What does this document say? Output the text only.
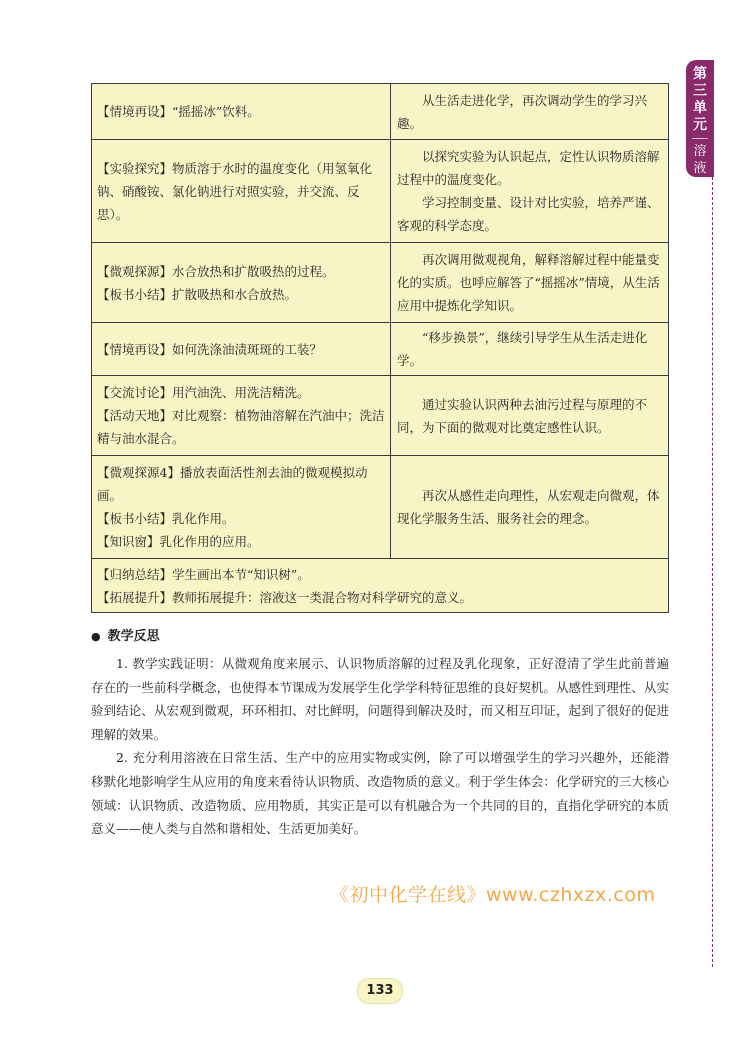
第三单元
溶液
【情境再设】“摇摇冰”饮料。	从生活走进化学，再次调动学生的学习兴趣。

【实验探究】物质溶于水时的温度变化（用氢氧化钠、硝酸铵、氯化钠进行对照实验，并交流、反思）。	以探究实验为认识起点，定性认识物质溶解过程中的温度变化。
学习控制变量、设计对比实验，培养严谨、客观的科学态度。

【微观探源】水合放热和扩散吸热的过程。
【板书小结】扩散吸热和水合放热。	再次调用微观视角，解释溶解过程中能量变化的实质。也呼应解答了“摇摇冰”情境，从生活应用中提炼化学知识。

【情境再设】如何洗涤油渍斑斑的工装？	“移步换景”，继续引导学生从生活走进化学。

【交流讨论】用汽油洗、用洗洁精洗。
【活动天地】对比观察：植物油溶解在汽油中；洗洁精与油水混合。	通过实验认识两种去油污过程与原理的不同，为下面的微观对比奠定感性认识。

【微观探源4】播放表面活性剂去油的微观模拟动画。
【板书小结】乳化作用。
【知识窗】乳化作用的应用。	再次从感性走向理性，从宏观走向微观，体现化学服务生活、服务社会的理念。

【归纳总结】学生画出本节“知识树”。
【拓展提升】教师拓展提升：溶液这一类混合物对科学研究的意义。	
● 教学反思

1. 教学实践证明：从微观角度来展示、认识物质溶解的过程及乳化现象，正好澄清了学生此前普遍存在的一些前科学概念，也使得本节课成为发展学生化学学科特征思维的良好契机。从感性到理性、从实验到结论、从宏观到微观，环环相扣、对比鲜明，问题得到解决及时，而又相互印证，起到了很好的促进理解的效果。

2. 充分利用溶液在日常生活、生产中的应用实物或实例，除了可以增强学生的学习兴趣外，还能潜移默化地影响学生从应用的角度来看待认识物质、改造物质的意义。利于学生体会：化学研究的三大核心领域：认识物质、改造物质、应用物质，其实正是可以有机融合为一个共同的目的，直指化学研究的本质意义——使人类与自然和谐相处、生活更加美好。

《初中化学在线》www.czhxzx.com
133
